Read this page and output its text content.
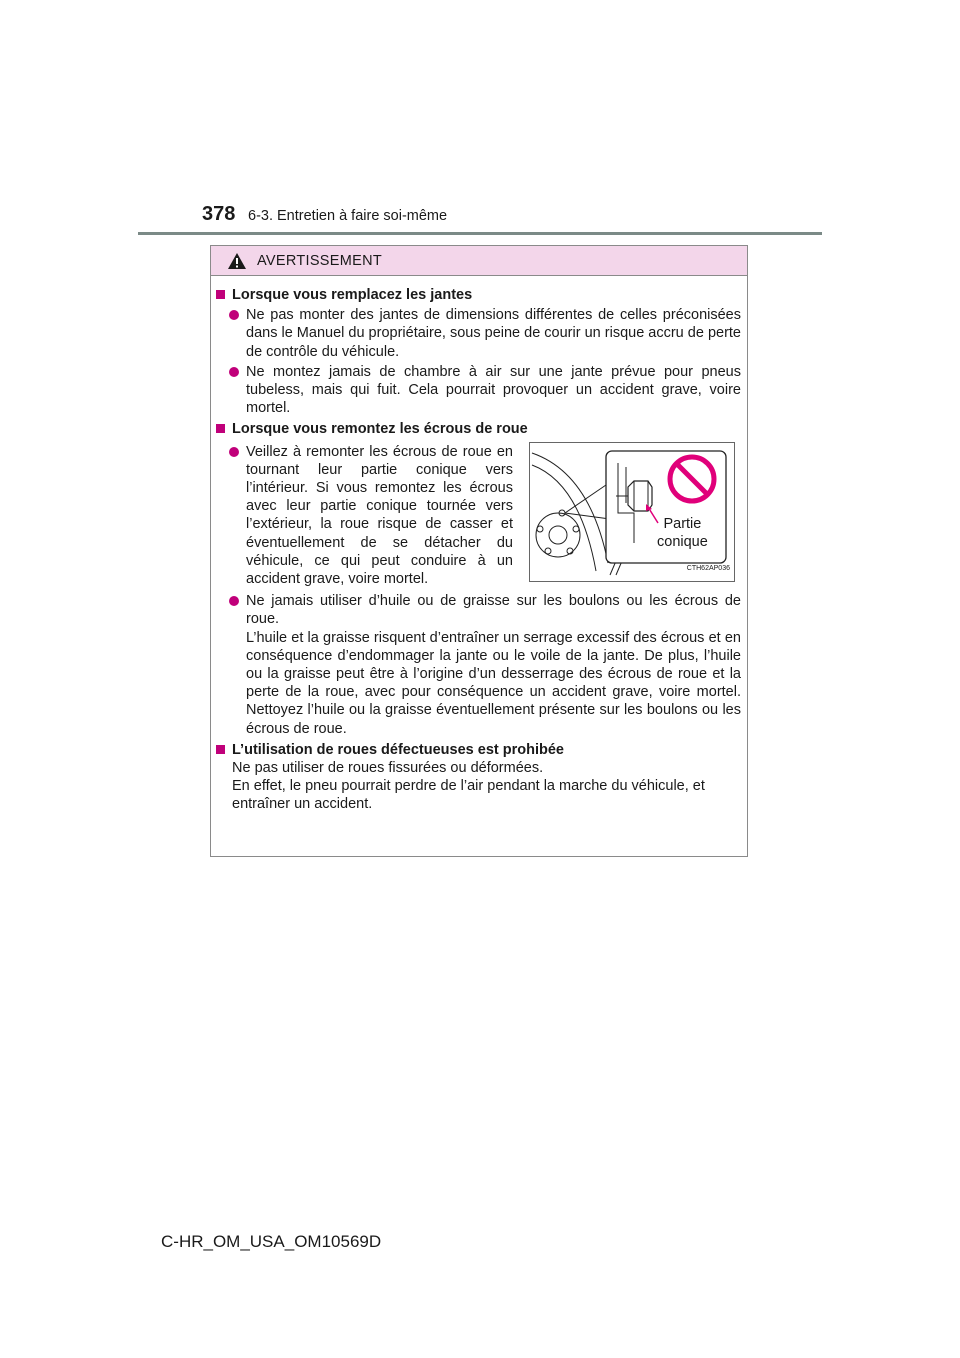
378 6-3. Entretien à faire soi-même
AVERTISSEMENT
Lorsque vous remplacez les jantes
Ne pas monter des jantes de dimensions différentes de celles préconisées dans le Manuel du propriétaire, sous peine de courir un risque accru de perte de contrôle du véhicule.
Ne montez jamais de chambre à air sur une jante prévue pour pneus tubeless, mais qui fuit. Cela pourrait provoquer un accident grave, voire mortel.
Lorsque vous remontez les écrous de roue
Veillez à remonter les écrous de roue en tournant leur partie conique vers l’intérieur. Si vous remontez les écrous avec leur partie conique tournée vers l’extérieur, la roue risque de casser et éventuellement de se détacher du véhicule, ce qui peut conduire à un accident grave, voire mortel.
Partie
conique
CTH62AP036
Ne jamais utiliser d’huile ou de graisse sur les boulons ou les écrous de roue.
L’huile et la graisse risquent d’entraîner un serrage excessif des écrous et en conséquence d’endommager la jante ou le voile de la jante. De plus, l’huile ou la graisse peut être à l’origine d’un desserrage des écrous de roue et la perte de la roue, avec pour conséquence un accident grave, voire mortel. Nettoyez l’huile ou la graisse éventuellement présente sur les boulons ou les écrous de roue.
L’utilisation de roues défectueuses est prohibée
Ne pas utiliser de roues fissurées ou déformées.
En effet, le pneu pourrait perdre de l’air pendant la marche du véhicule, et entraîner un accident.
C-HR_OM_USA_OM10569D
